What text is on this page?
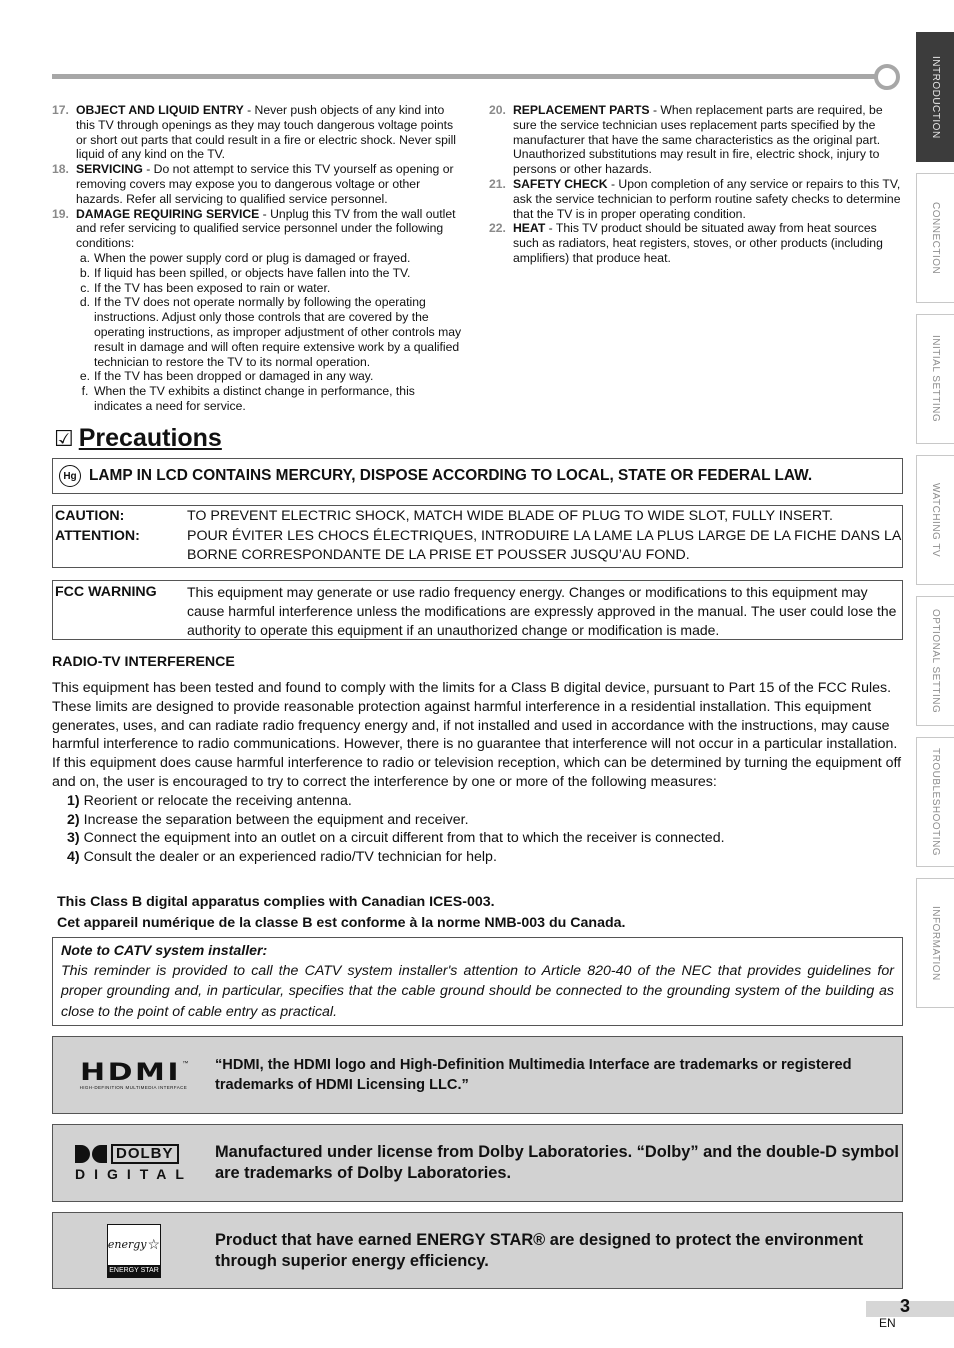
INTRODUCTION
CONNECTION
INITIAL SETTING
WATCHING TV
OPTIONAL SETTING
TROUBLESHOOTING
INFORMATION
17. OBJECT AND LIQUID ENTRY - Never push objects of any kind into this TV through openings as they may touch dangerous voltage points or short out parts that could result in a fire or electric shock. Never spill liquid of any kind on the TV.
18. SERVICING - Do not attempt to service this TV yourself as opening or removing covers may expose you to dangerous voltage or other hazards. Refer all servicing to qualified service personnel.
19. DAMAGE REQUIRING SERVICE - Unplug this TV from the wall outlet and refer servicing to qualified service personnel under the following conditions:
a. When the power supply cord or plug is damaged or frayed.
b. If liquid has been spilled, or objects have fallen into the TV.
c. If the TV has been exposed to rain or water.
d. If the TV does not operate normally by following the operating instructions. Adjust only those controls that are covered by the operating instructions, as improper adjustment of other controls may result in damage and will often require extensive work by a qualified technician to restore the TV to its normal operation.
e. If the TV has been dropped or damaged in any way.
f. When the TV exhibits a distinct change in performance, this indicates a need for service.
20. REPLACEMENT PARTS - When replacement parts are required, be sure the service technician uses replacement parts specified by the manufacturer that have the same characteristics as the original part. Unauthorized substitutions may result in fire, electric shock, injury to persons or other hazards.
21. SAFETY CHECK - Upon completion of any service or repairs to this TV, ask the service technician to perform routine safety checks to determine that the TV is in proper operating condition.
22. HEAT - This TV product should be situated away from heat sources such as radiators, heat registers, stoves, or other products (including amplifiers) that produce heat.
☑ Precautions
Hg LAMP IN LCD CONTAINS MERCURY, DISPOSE ACCORDING TO LOCAL, STATE OR FEDERAL LAW.
CAUTION:	TO PREVENT ELECTRIC SHOCK, MATCH WIDE BLADE OF PLUG TO WIDE SLOT, FULLY INSERT.
ATTENTION:	POUR ÉVITER LES CHOCS ÉLECTRIQUES, INTRODUIRE LA LAME LA PLUS LARGE DE LA FICHE DANS LA BORNE CORRESPONDANTE DE LA PRISE ET POUSSER JUSQU’AU FOND.
FCC WARNING	This equipment may generate or use radio frequency energy. Changes or modifications to this equipment may cause harmful interference unless the modifications are expressly approved in the manual. The user could lose the authority to operate this equipment if an unauthorized change or modification is made.
RADIO-TV INTERFERENCE

This equipment has been tested and found to comply with the limits for a Class B digital device, pursuant to Part 15 of the FCC Rules. These limits are designed to provide reasonable protection against harmful interference in a residential installation. This equipment generates, uses, and can radiate radio frequency energy and, if not installed and used in accordance with the instructions, may cause harmful interference to radio communications. However, there is no guarantee that interference will not occur in a particular installation. If this equipment does cause harmful interference to radio or television reception, which can be determined by turning the equipment off and on, the user is encouraged to try to correct the interference by one or more of the following measures:

1) Reorient or relocate the receiving antenna.
2) Increase the separation between the equipment and receiver.
3) Connect the equipment into an outlet on a circuit different from that to which the receiver is connected.
4) Consult the dealer or an experienced radio/TV technician for help.
This Class B digital apparatus complies with Canadian ICES-003.
Cet appareil numérique de la classe B est conforme à la norme NMB-003 du Canada.
Note to CATV system installer:
This reminder is provided to call the CATV system installer's attention to Article 820-40 of the NEC that provides guidelines for proper grounding and, in particular, specifies that the cable ground should be connected to the grounding system of the building as close to the point of cable entry as practical.
HDMI ™
HIGH-DEFINITION MULTIMEDIA INTERFACE
“HDMI, the HDMI logo and High-Definition Multimedia Interface are trademarks or registered trademarks of HDMI Licensing LLC.”
DOLBY
DIGITAL
Manufactured under license from Dolby Laboratories. “Dolby” and the double-D symbol are trademarks of Dolby Laboratories.
energy ☆
ENERGY STAR
Product that have earned ENERGY STAR® are designed to protect the environment through superior energy efficiency.
3
EN
